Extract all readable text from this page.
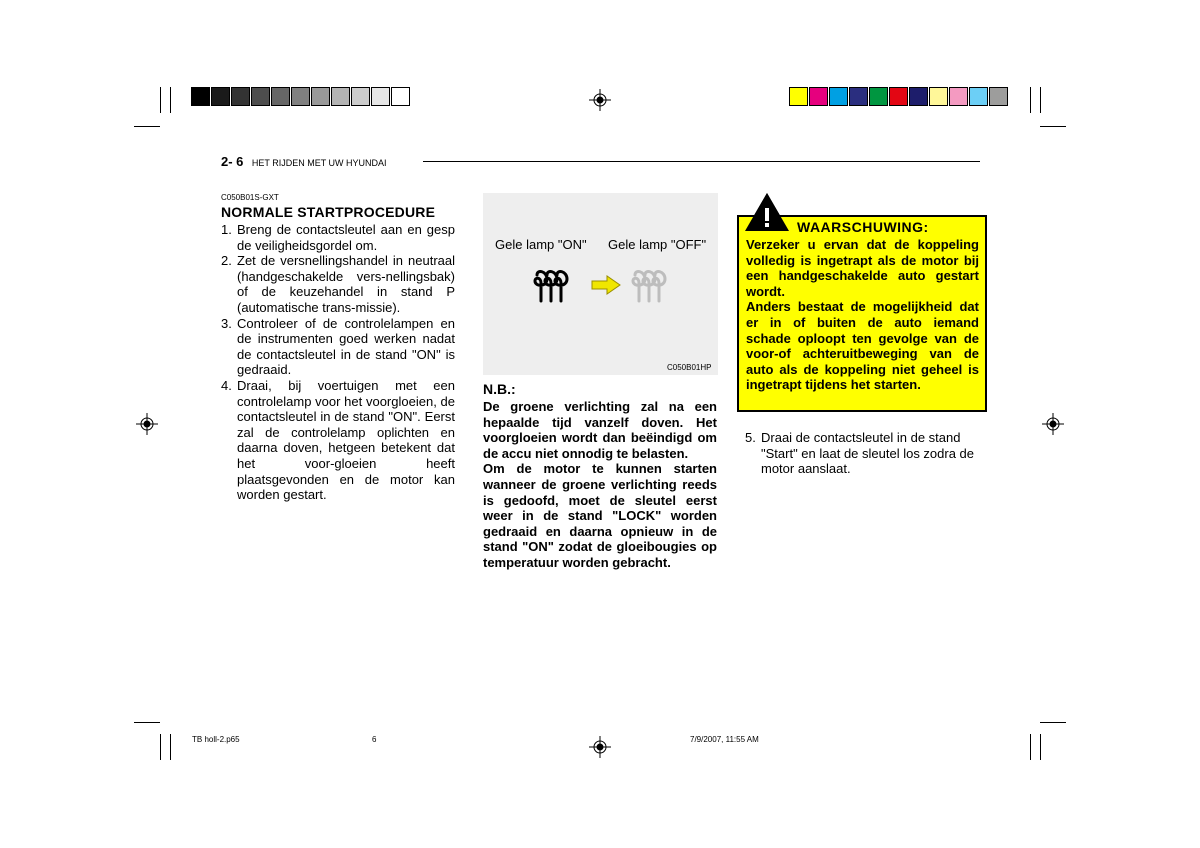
2- 6 HET RIJDEN MET UW HYUNDAI
C050B01S-GXT
NORMALE STARTPROCEDURE
1. Breng de contactsleutel aan en gesp de veiligheidsgordel om.
2. Zet de versnellingshandel in neutraal (handgeschakelde vers-nellingsbak) of de keuzehandel in stand P (automatische trans-missie).
3. Controleer of de controlelampen en de instrumenten goed werken nadat de contactsleutel in de stand "ON" is gedraaid.
4. Draai, bij voertuigen met een controlelamp voor het voorgloeien, de contactsleutel in de stand "ON". Eerst zal de controlelamp oplichten en daarna doven, hetgeen betekent dat het voor-gloeien heeft plaatsgevonden en de motor kan worden gestart.
Gele lamp "ON" Gele lamp "OFF"
C050B01HP
N.B.:
De groene verlichting zal na een hepaalde tijd vanzelf doven. Het voorgloeien wordt dan beëindigd om de accu niet onnodig te belasten.
Om de motor te kunnen starten wanneer de groene verlichting reeds is gedoofd, moet de sleutel eerst weer in de stand "LOCK" worden gedraaid en daarna opnieuw in de stand "ON" zodat de gloeibougies op temperatuur worden gebracht.
WAARSCHUWING:
Verzeker u ervan dat de koppeling volledig is ingetrapt als de motor bij een handgeschakelde auto gestart wordt.
Anders bestaat de mogelijkheid dat er in of buiten de auto iemand schade oploopt ten gevolge van de voor-of achteruitbeweging van de auto als de koppeling niet geheel is ingetrapt tijdens het starten.
5. Draai de contactsleutel in de stand "Start" en laat de sleutel los zodra de motor aanslaat.
TB holl-2.p65	6	7/9/2007, 11:55 AM
